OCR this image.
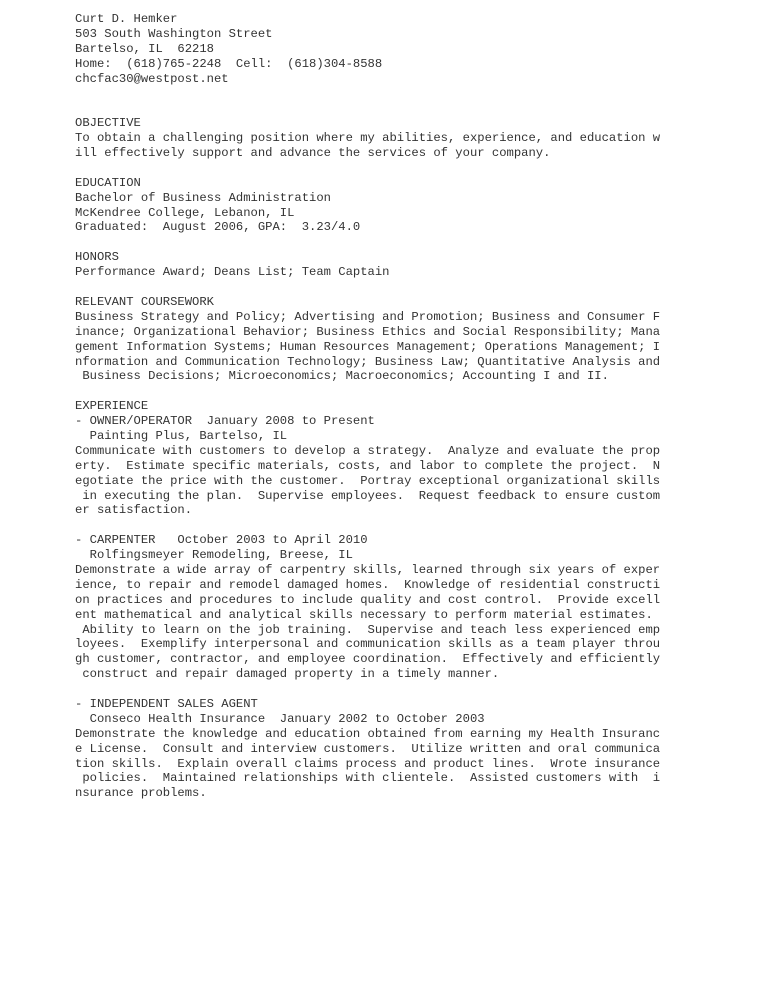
Curt D. Hemker
503 South Washington Street
Bartelso, IL  62218
Home:  (618)765-2248  Cell:  (618)304-8588
chcfac30@westpost.net
OBJECTIVE
To obtain a challenging position where my abilities, experience, and education w
ill effectively support and advance the services of your company.
EDUCATION
Bachelor of Business Administration
McKendree College, Lebanon, IL
Graduated:  August 2006, GPA:  3.23/4.0
HONORS
Performance Award; Deans List; Team Captain
RELEVANT COURSEWORK
Business Strategy and Policy; Advertising and Promotion; Business and Consumer F
inance; Organizational Behavior; Business Ethics and Social Responsibility; Mana
gement Information Systems; Human Resources Management; Operations Management; I
nformation and Communication Technology; Business Law; Quantitative Analysis and
Business Decisions; Microeconomics; Macroeconomics; Accounting I and II.
EXPERIENCE
- OWNER/OPERATOR  January 2008 to Present
Painting Plus, Bartelso, IL
Communicate with customers to develop a strategy.  Analyze and evaluate the prop
erty.  Estimate specific materials, costs, and labor to complete the project.  N
egotiate the price with the customer.  Portray exceptional organizational skills
in executing the plan.  Supervise employees.  Request feedback to ensure custom
er satisfaction.
- CARPENTER   October 2003 to April 2010
Rolfingsmeyer Remodeling, Breese, IL
Demonstrate a wide array of carpentry skills, learned through six years of exper
ience, to repair and remodel damaged homes.  Knowledge of residential constructi
on practices and procedures to include quality and cost control.  Provide excell
ent mathematical and analytical skills necessary to perform material estimates.
Ability to learn on the job training.  Supervise and teach less experienced emp
loyees.  Exemplify interpersonal and communication skills as a team player throu
gh customer, contractor, and employee coordination.  Effectively and efficiently
construct and repair damaged property in a timely manner.
- INDEPENDENT SALES AGENT
Conseco Health Insurance  January 2002 to October 2003
Demonstrate the knowledge and education obtained from earning my Health Insuranc
e License.  Consult and interview customers.  Utilize written and oral communica
tion skills.  Explain overall claims process and product lines.  Wrote insurance
policies.  Maintained relationships with clientele.  Assisted customers with  i
nsurance problems.
